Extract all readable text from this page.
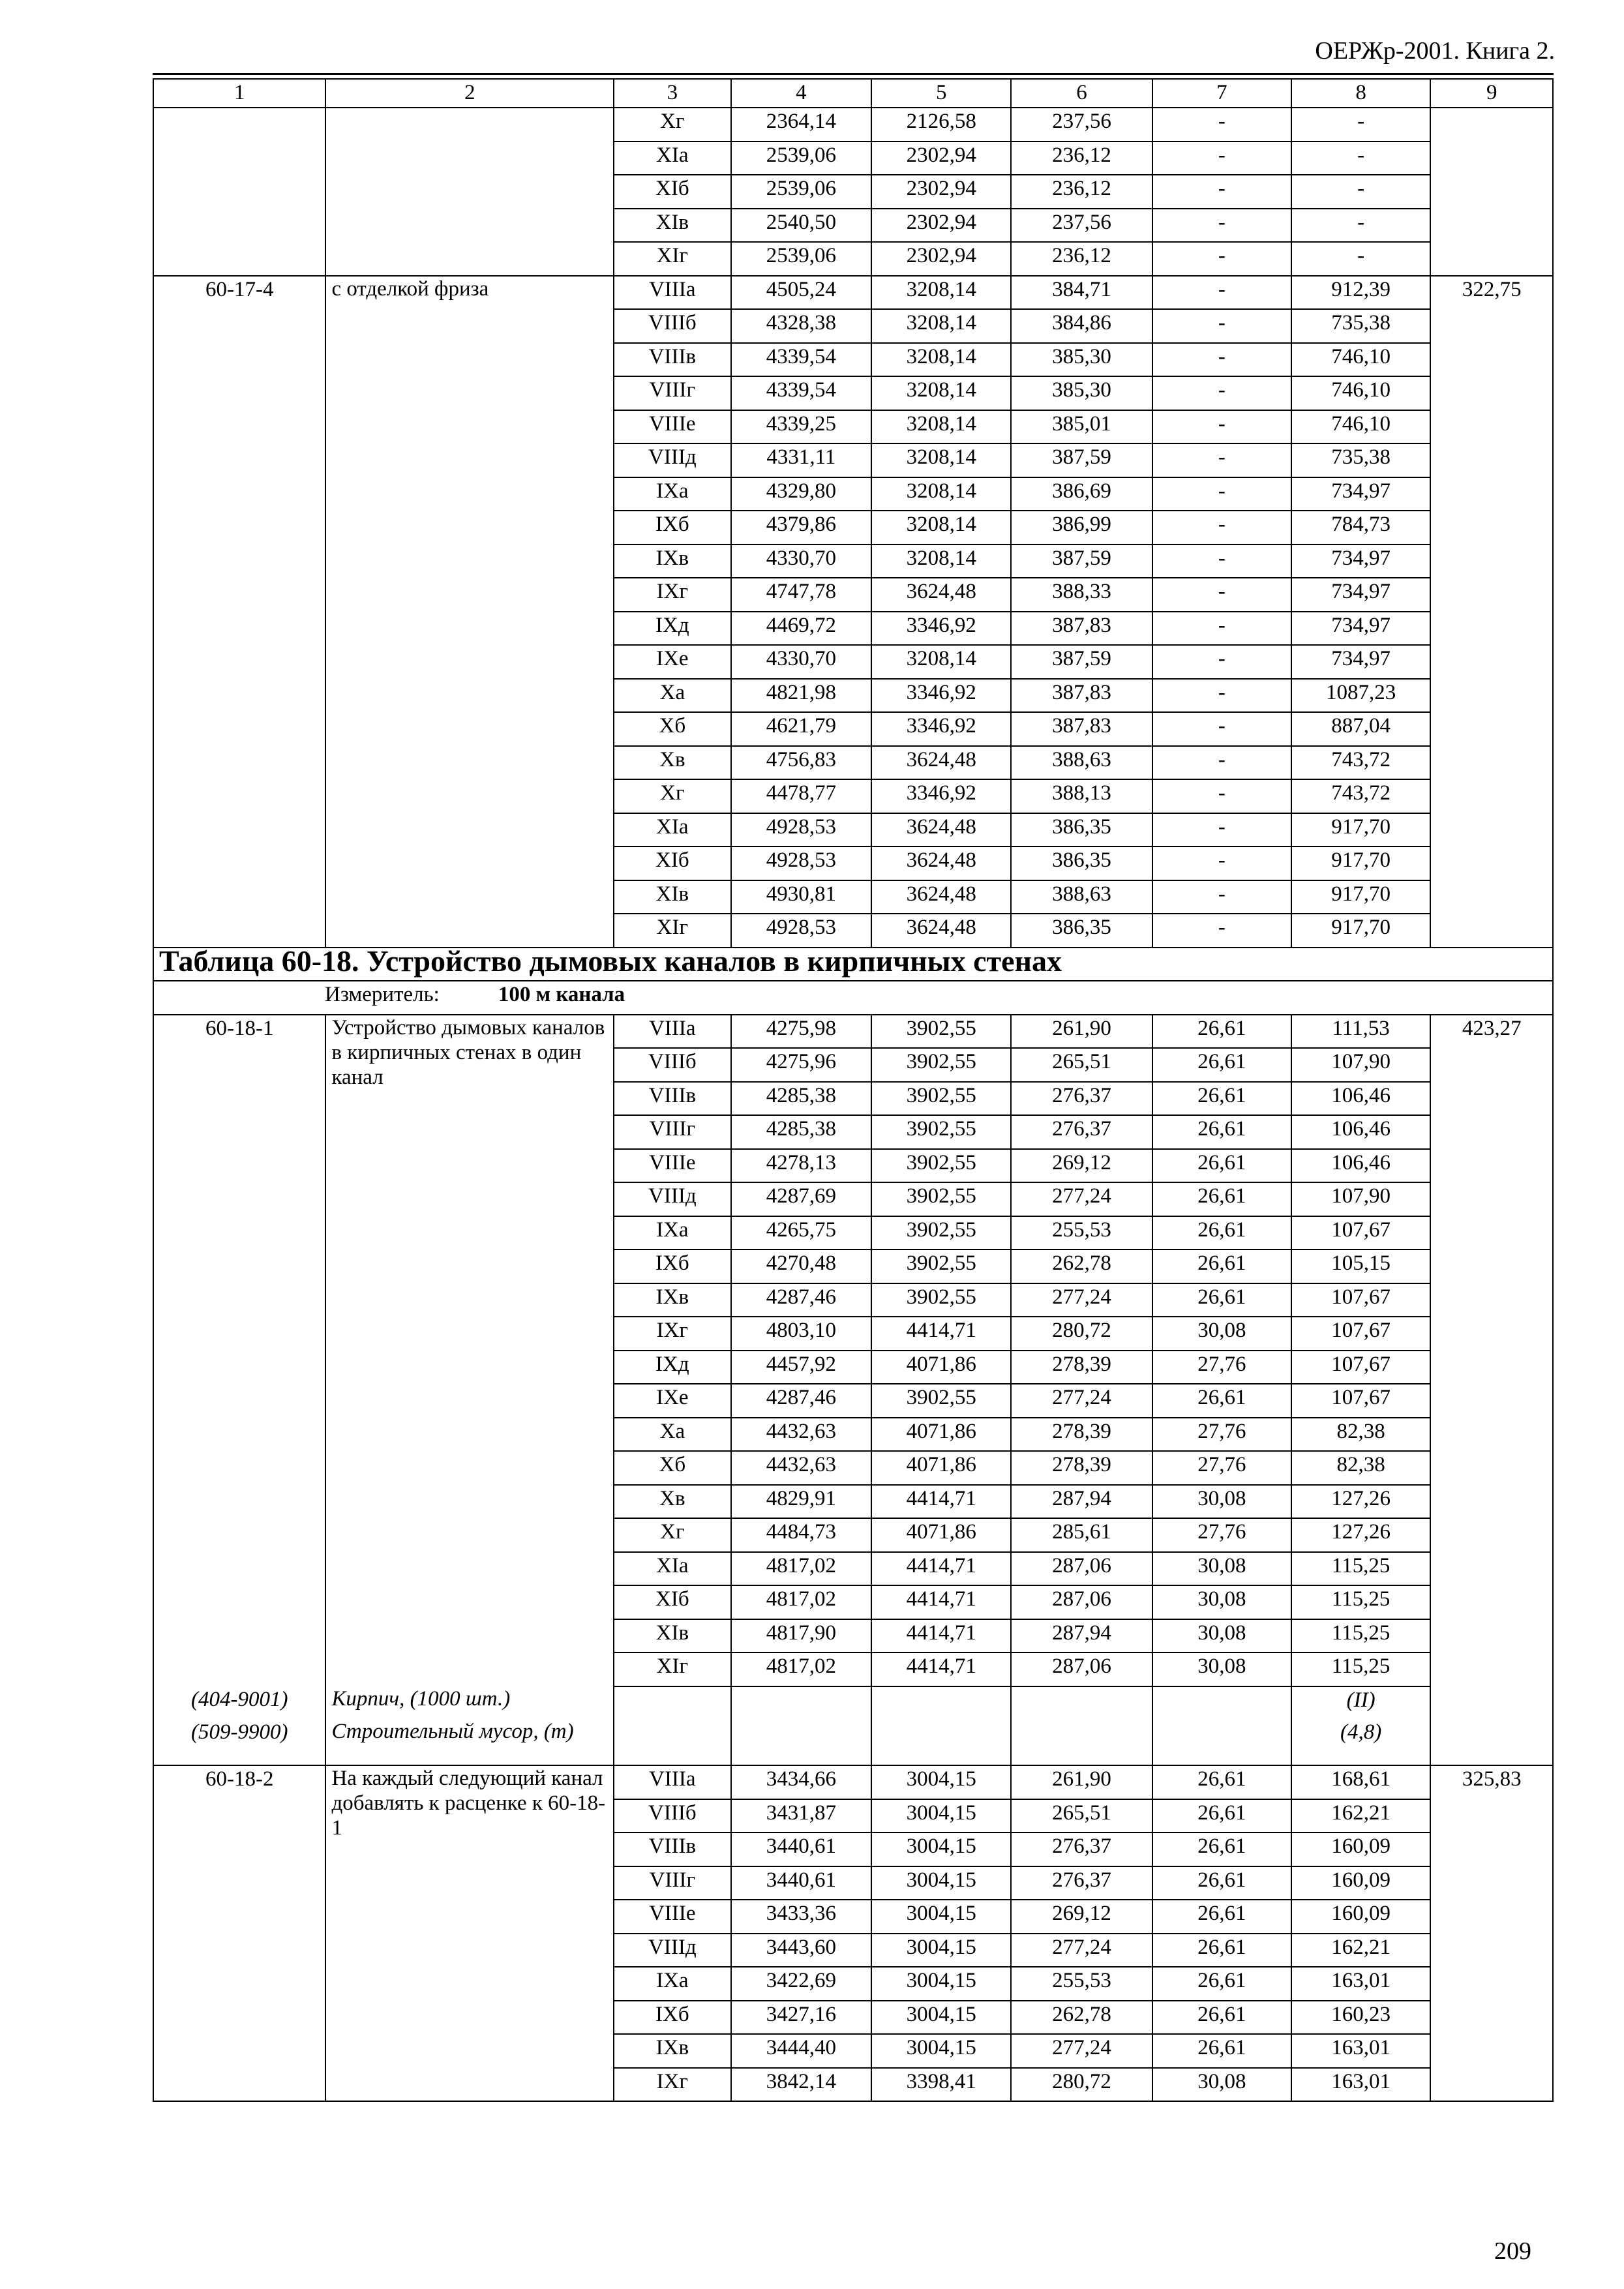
ОЕРЖр-2001. Книга 2.
1	2	3	4	5	6	7	8	9
		Хг	2364,14	2126,58	237,56	-	-	
		ХIа	2539,06	2302,94	236,12	-	-	
		ХIб	2539,06	2302,94	236,12	-	-	
		ХIв	2540,50	2302,94	237,56	-	-	
		ХIг	2539,06	2302,94	236,12	-	-	
60-17-4	с отделкой фриза	VIIIа	4505,24	3208,14	384,71	-	912,39	322,75
		VIIIб	4328,38	3208,14	384,86	-	735,38	
		VIIIв	4339,54	3208,14	385,30	-	746,10	
		VIIIг	4339,54	3208,14	385,30	-	746,10	
		VIIIе	4339,25	3208,14	385,01	-	746,10	
		VIIIд	4331,11	3208,14	387,59	-	735,38	
		IХа	4329,80	3208,14	386,69	-	734,97	
		IХб	4379,86	3208,14	386,99	-	784,73	
		IХв	4330,70	3208,14	387,59	-	734,97	
		IХг	4747,78	3624,48	388,33	-	734,97	
		IХд	4469,72	3346,92	387,83	-	734,97	
		IХе	4330,70	3208,14	387,59	-	734,97	
		Ха	4821,98	3346,92	387,83	-	1087,23	
		Хб	4621,79	3346,92	387,83	-	887,04	
		Хв	4756,83	3624,48	388,63	-	743,72	
		Хг	4478,77	3346,92	388,13	-	743,72	
		ХIа	4928,53	3624,48	386,35	-	917,70	
		ХIб	4928,53	3624,48	386,35	-	917,70	
		ХIв	4930,81	3624,48	388,63	-	917,70	
		ХIг	4928,53	3624,48	386,35	-	917,70	
Таблица 60-18. Устройство дымовых каналов в кирпичных стенах								
Измеритель: 100 м канала								
60-18-1	Устройство дымовых каналов в кирпичных стенах в один канал	VIIIа	4275,98	3902,55	261,90	26,61	111,53	423,27
		VIIIб	4275,96	3902,55	265,51	26,61	107,90	
		VIIIв	4285,38	3902,55	276,37	26,61	106,46	
		VIIIг	4285,38	3902,55	276,37	26,61	106,46	
		VIIIе	4278,13	3902,55	269,12	26,61	106,46	
		VIIIд	4287,69	3902,55	277,24	26,61	107,90	
		IХа	4265,75	3902,55	255,53	26,61	107,67	
		IХб	4270,48	3902,55	262,78	26,61	105,15	
		IХв	4287,46	3902,55	277,24	26,61	107,67	
		IХг	4803,10	4414,71	280,72	30,08	107,67	
		IХд	4457,92	4071,86	278,39	27,76	107,67	
		IХе	4287,46	3902,55	277,24	26,61	107,67	
		Ха	4432,63	4071,86	278,39	27,76	82,38	
		Хб	4432,63	4071,86	278,39	27,76	82,38	
		Хв	4829,91	4414,71	287,94	30,08	127,26	
		Хг	4484,73	4071,86	285,61	27,76	127,26	
		ХIа	4817,02	4414,71	287,06	30,08	115,25	
		ХIб	4817,02	4414,71	287,06	30,08	115,25	
		ХIв	4817,90	4414,71	287,94	30,08	115,25	
		ХIг	4817,02	4414,71	287,06	30,08	115,25	
(404-9001)	Кирпич, (1000 шт.)						(II)	
(509-9900)	Строительный мусор, (т)						(4,8)	
60-18-2	На каждый следующий канал добавлять к расценке к 60-18-1	VIIIа	3434,66	3004,15	261,90	26,61	168,61	325,83
		VIIIб	3431,87	3004,15	265,51	26,61	162,21	
		VIIIв	3440,61	3004,15	276,37	26,61	160,09	
		VIIIг	3440,61	3004,15	276,37	26,61	160,09	
		VIIIе	3433,36	3004,15	269,12	26,61	160,09	
		VIIIд	3443,60	3004,15	277,24	26,61	162,21	
		IХа	3422,69	3004,15	255,53	26,61	163,01	
		IХб	3427,16	3004,15	262,78	26,61	160,23	
		IХв	3444,40	3004,15	277,24	26,61	163,01	
		IХг	3842,14	3398,41	280,72	30,08	163,01	
209
